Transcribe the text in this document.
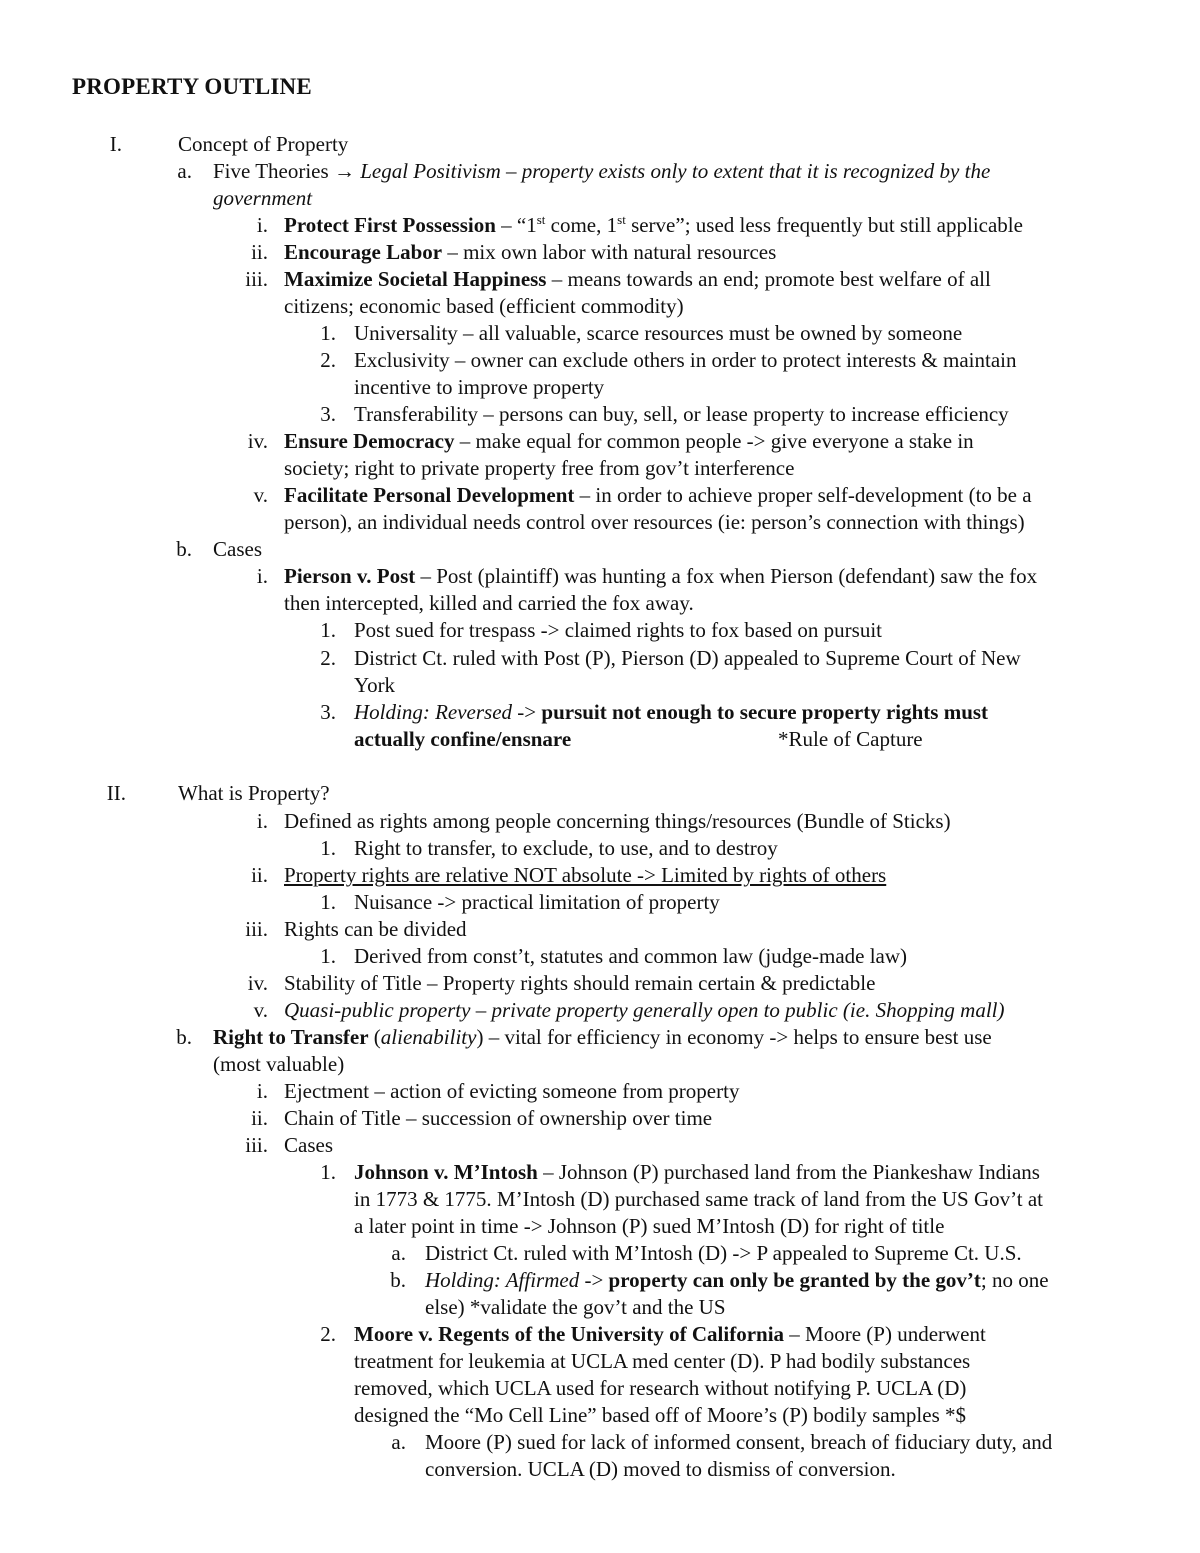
PROPERTY OUTLINE
I.	Concept of Property
a. Five Theories → Legal Positivism – property exists only to extent that it is recognized by the
government
i. Protect First Possession – “1st come, 1st serve”; used less frequently but still applicable
ii. Encourage Labor – mix own labor with natural resources
iii. Maximize Societal Happiness – means towards an end; promote best welfare of all
citizens; economic based (efficient commodity)
1. Universality – all valuable, scarce resources must be owned by someone
2. Exclusivity – owner can exclude others in order to protect interests & maintain
incentive to improve property
3. Transferability – persons can buy, sell, or lease property to increase efficiency
iv. Ensure Democracy – make equal for common people -> give everyone a stake in
society; right to private property free from gov’t interference
v. Facilitate Personal Development – in order to achieve proper self-development (to be a
person), an individual needs control over resources (ie: person’s connection with things)
b. Cases
i. Pierson v. Post – Post (plaintiff) was hunting a fox when Pierson (defendant) saw the fox
then intercepted, killed and carried the fox away.
1. Post sued for trespass -> claimed rights to fox based on pursuit
2. District Ct. ruled with Post (P), Pierson (D) appealed to Supreme Court of New
York
3. Holding: Reversed -> pursuit not enough to secure property rights must
actually confine/ensnare	*Rule of Capture
II. What is Property?
i. Defined as rights among people concerning things/resources (Bundle of Sticks)
1. Right to transfer, to exclude, to use, and to destroy
ii. Property rights are relative NOT absolute -> Limited by rights of others
1. Nuisance -> practical limitation of property
iii. Rights can be divided
1. Derived from const’t, statutes and common law (judge-made law)
iv. Stability of Title – Property rights should remain certain & predictable
v. Quasi-public property – private property generally open to public (ie. Shopping mall)
b. Right to Transfer (alienability) – vital for efficiency in economy -> helps to ensure best use
(most valuable)
i. Ejectment – action of evicting someone from property
ii. Chain of Title – succession of ownership over time
iii. Cases
1. Johnson v. M’Intosh – Johnson (P) purchased land from the Piankeshaw Indians
in 1773 & 1775. M’Intosh (D) purchased same track of land from the US Gov’t at
a later point in time -> Johnson (P) sued M’Intosh (D) for right of title
a. District Ct. ruled with M’Intosh (D) -> P appealed to Supreme Ct. U.S.
b. Holding: Affirmed -> property can only be granted by the gov’t; no one
else) *validate the gov’t and the US
2. Moore v. Regents of the University of California – Moore (P) underwent
treatment for leukemia at UCLA med center (D). P had bodily substances
removed, which UCLA used for research without notifying P. UCLA (D)
designed the “Mo Cell Line” based off of Moore’s (P) bodily samples *$
a. Moore (P) sued for lack of informed consent, breach of fiduciary duty, and
conversion. UCLA (D) moved to dismiss of conversion.
